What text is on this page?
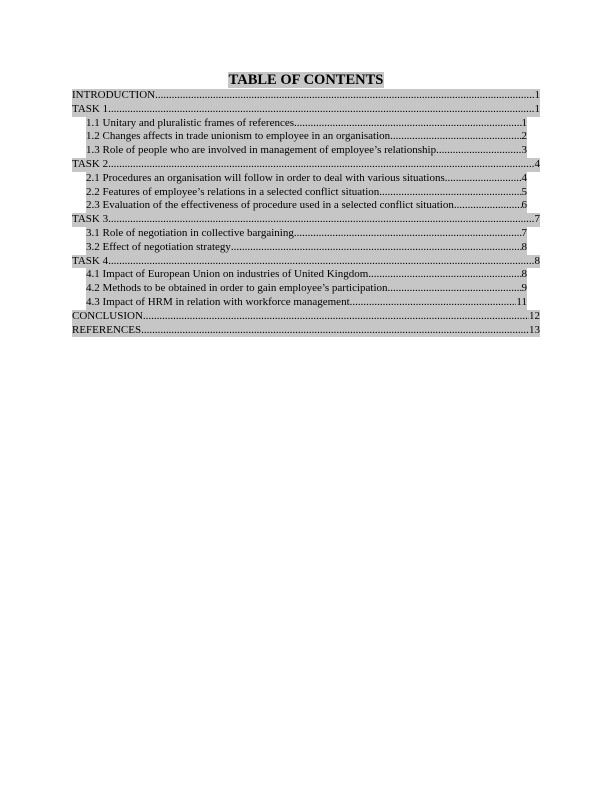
TABLE OF CONTENTS
INTRODUCTION .....	1
TASK 1 .....	1
1.1 Unitary and pluralistic frames of references .....	1
1.2 Changes affects in trade unionism to employee in an organisation .....	2
1.3 Role of people who are involved in management of employee’s relationship .....	3
TASK 2 .....	4
2.1 Procedures an organisation will follow in order to deal with various situations .....	4
2.2 Features of employee’s relations in a selected conflict situation .....	5
2.3 Evaluation of the effectiveness of procedure used in a selected conflict situation .....	6
TASK 3 .....	7
3.1 Role of negotiation in collective bargaining .....	7
3.2 Effect of negotiation strategy .....	8
TASK 4 .....	8
4.1 Impact of European Union on industries of United Kingdom .....	8
4.2 Methods to be obtained in order to gain employee’s participation .....	9
4.3 Impact of HRM in relation with workforce management .....	11
CONCLUSION .....	12
REFERENCES .....	13
